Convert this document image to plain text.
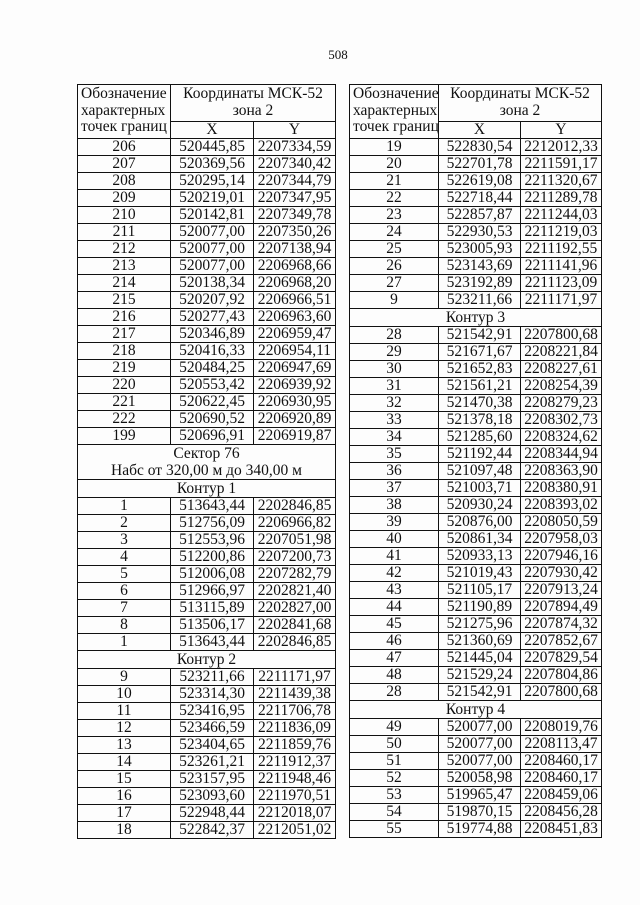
508
Обозначение
характерных
точек границ	Координаты МСК-52
зона 2	

	X	Y
206	520445,85	2207334,59
207	520369,56	2207340,42
208	520295,14	2207344,79
209	520219,01	2207347,95
210	520142,81	2207349,78
211	520077,00	2207350,26
212	520077,00	2207138,94
213	520077,00	2206968,66
214	520138,34	2206968,20
215	520207,92	2206966,51
216	520277,43	2206963,60
217	520346,89	2206959,47
218	520416,33	2206954,11
219	520484,25	2206947,69
220	520553,42	2206939,92
221	520622,45	2206930,95
222	520690,52	2206920,89
199	520696,91	2206919,87

Сектор 76
Набс от 320,00 м до 340,00 м		

Контур 1		

1	513643,44	2202846,85
2	512756,09	2206966,82
3	512553,96	2207051,98
4	512200,86	2207200,73
5	512006,08	2207282,79
6	512966,97	2202821,40
7	513115,89	2202827,00
8	513506,17	2202841,68
1	513643,44	2202846,85

Контур 2		

9	523211,66	2211171,97
10	523314,30	2211439,38
11	523416,95	2211706,78
12	523466,59	2211836,09
13	523404,65	2211859,76
14	523261,21	2211912,37
15	523157,95	2211948,46
16	523093,60	2211970,51
17	522948,44	2212018,07
18	522842,37	2212051,02
Обозначение
характерных
точек границ	Координаты МСК-52
зона 2	

	X	Y
19	522830,54	2212012,33
20	522701,78	2211591,17
21	522619,08	2211320,67
22	522718,44	2211289,78
23	522857,87	2211244,03
24	522930,53	2211219,03
25	523005,93	2211192,55
26	523143,69	2211141,96
27	523192,89	2211123,09
9	523211,66	2211171,97

Контур 3		

28	521542,91	2207800,68
29	521671,67	2208221,84
30	521652,83	2208227,61
31	521561,21	2208254,39
32	521470,38	2208279,23
33	521378,18	2208302,73
34	521285,60	2208324,62
35	521192,44	2208344,94
36	521097,48	2208363,90
37	521003,71	2208380,91
38	520930,24	2208393,02
39	520876,00	2208050,59
40	520861,34	2207958,03
41	520933,13	2207946,16
42	521019,43	2207930,42
43	521105,17	2207913,24
44	521190,89	2207894,49
45	521275,96	2207874,32
46	521360,69	2207852,67
47	521445,04	2207829,54
48	521529,24	2207804,86
28	521542,91	2207800,68

Контур 4		

49	520077,00	2208019,76
50	520077,00	2208113,47
51	520077,00	2208460,17
52	520058,98	2208460,17
53	519965,47	2208459,06
54	519870,15	2208456,28
55	519774,88	2208451,83
